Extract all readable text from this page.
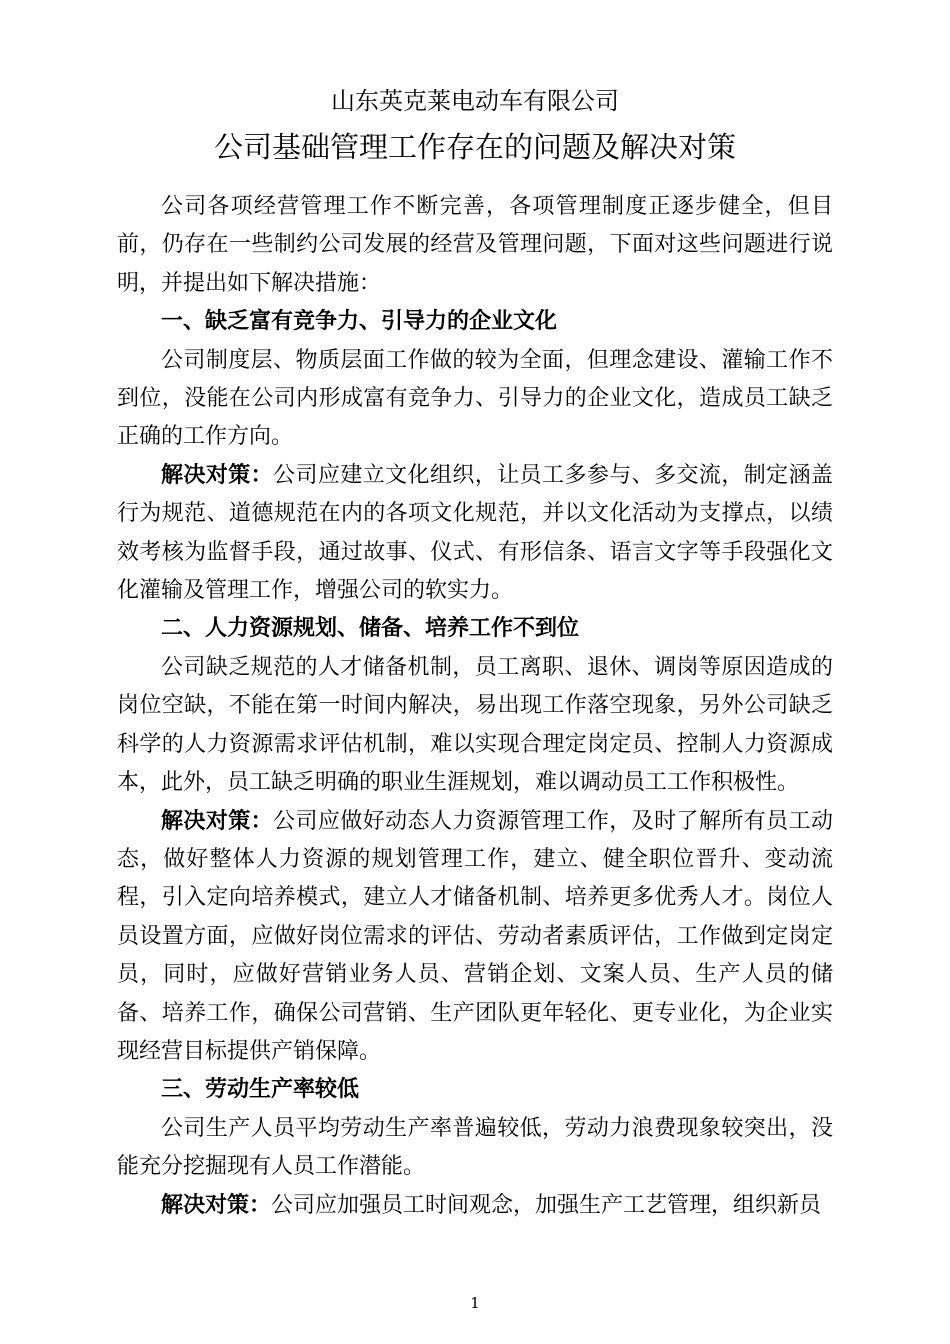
山东英克莱电动车有限公司
公司基础管理工作存在的问题及解决对策

公司各项经营管理工作不断完善，各项管理制度正逐步健全，但目前，仍存在一些制约公司发展的经营及管理问题，下面对这些问题进行说明，并提出如下解决措施：

一、缺乏富有竞争力、引导力的企业文化

公司制度层、物质层面工作做的较为全面，但理念建设、灌输工作不到位，没能在公司内形成富有竞争力、引导力的企业文化，造成员工缺乏正确的工作方向。

解决对策：公司应建立文化组织，让员工多参与、多交流，制定涵盖行为规范、道德规范在内的各项文化规范，并以文化活动为支撑点，以绩效考核为监督手段，通过故事、仪式、有形信条、语言文字等手段强化文化灌输及管理工作，增强公司的软实力。

二、人力资源规划、储备、培养工作不到位

公司缺乏规范的人才储备机制，员工离职、退休、调岗等原因造成的岗位空缺，不能在第一时间内解决，易出现工作落空现象，另外公司缺乏科学的人力资源需求评估机制，难以实现合理定岗定员、控制人力资源成本，此外，员工缺乏明确的职业生涯规划，难以调动员工工作积极性。

解决对策：公司应做好动态人力资源管理工作，及时了解所有员工动态，做好整体人力资源的规划管理工作，建立、健全职位晋升、变动流程，引入定向培养模式，建立人才储备机制、培养更多优秀人才。岗位人员设置方面，应做好岗位需求的评估、劳动者素质评估，工作做到定岗定员，同时，应做好营销业务人员、营销企划、文案人员、生产人员的储备、培养工作，确保公司营销、生产团队更年轻化、更专业化，为企业实现经营目标提供产销保障。

三、劳动生产率较低

公司生产人员平均劳动生产率普遍较低，劳动力浪费现象较突出，没能充分挖掘现有人员工作潜能。

解决对策：公司应加强员工时间观念，加强生产工艺管理，组织新员

1
